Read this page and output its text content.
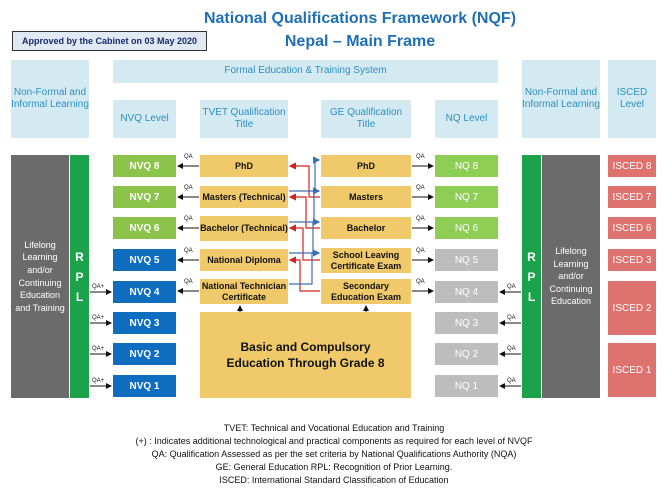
National Qualifications Framework (NQF)
Nepal – Main Frame
Approved by the Cabinet on 03 May 2020
Non-Formal and Informal Learning
Formal Education & Training System
NVQ Level
TVET Qualification Title
GE Qualification Title
NQ Level
Non-Formal and Informal Learning
ISCED Level
Lifelong Learning and/or Continuing Education and Training
R
P
L
R
P
L
Lifelong Learning and/or Continuing Education
NVQ 8
NVQ 7
NVQ 6
NVQ 5
NVQ 4
NVQ 3
NVQ 2
NVQ 1
PhD
Masters (Technical)
Bachelor (Technical)
National Diploma
National Technician Certificate
PhD
Masters
Bachelor
School Leaving Certificate Exam
Secondary Education Exam
Basic and Compulsory Education Through Grade 8
NQ 8
NQ 7
NQ 6
NQ 5
NQ 4
NQ 3
NQ 2
NQ 1
ISCED 8
ISCED 7
ISCED 6
ISCED 3
ISCED 2
ISCED 1
QA
QA
QA
QA
QA
QA
QA
QA
QA
QA
QA+
QA+
QA+
QA+
QA
QA
QA
QA
TVET: Technical and Vocational Education and Training
(+) : Indicates additional technological and practical components as required for each level of NVQF
QA: Qualification Assessed as per the set criteria by National Qualifications Authority (NQA)
GE: General Education RPL: Recognition of Prior Learning.
ISCED: International Standard Classification of Education
